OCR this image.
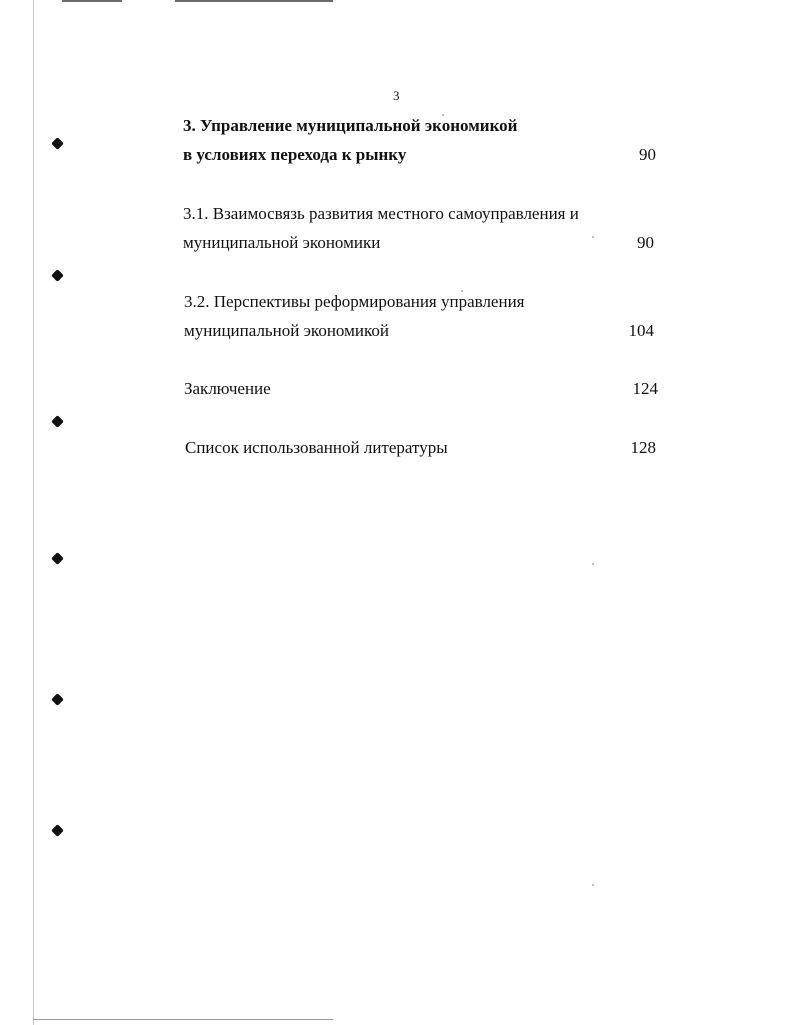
3
3. Управление муниципальной экономикой
в условиях перехода к рынку	90
3.1. Взаимосвязь развития местного самоуправления и
муниципальной экономики	90
3.2. Перспективы реформирования управления
муниципальной экономикой	104
Заключение	124
Список использованной литературы	128
